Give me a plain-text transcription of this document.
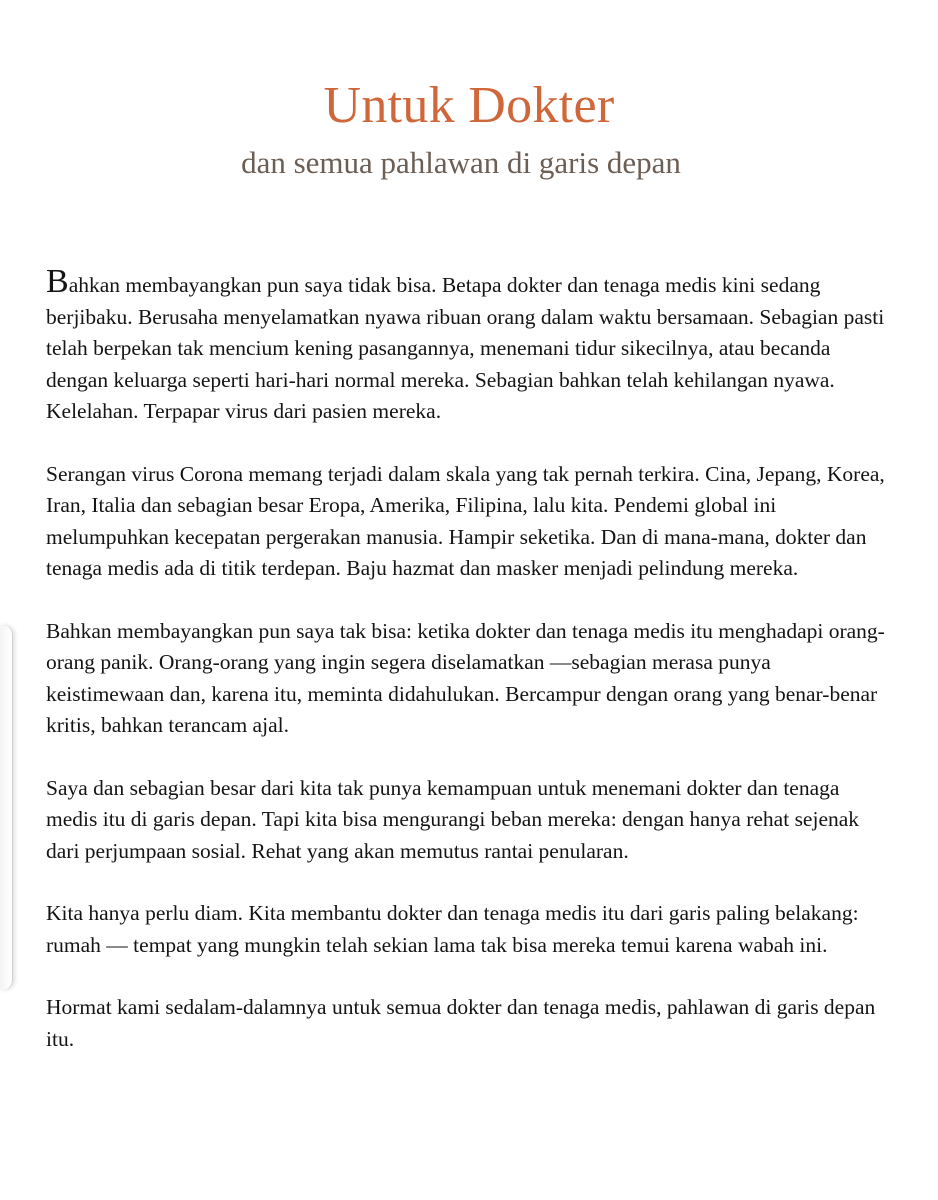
Untuk Dokter
dan semua pahlawan di garis depan

Bahkan membayangkan pun saya tidak bisa. Betapa dokter dan tenaga medis kini sedang berjibaku. Berusaha menyelamatkan nyawa ribuan orang dalam waktu bersamaan. Sebagian pasti telah berpekan tak mencium kening pasangannya, menemani tidur sikecilnya, atau becanda dengan keluarga seperti hari-hari normal mereka. Sebagian bahkan telah kehilangan nyawa. Kelelahan. Terpapar virus dari pasien mereka.

Serangan virus Corona memang terjadi dalam skala yang tak pernah terkira. Cina, Jepang, Korea, Iran, Italia dan sebagian besar Eropa, Amerika, Filipina, lalu kita. Pendemi global ini melumpuhkan kecepatan pergerakan manusia. Hampir seketika. Dan di mana-mana, dokter dan tenaga medis ada di titik terdepan. Baju hazmat dan masker menjadi pelindung mereka.

Bahkan membayangkan pun saya tak bisa: ketika dokter dan tenaga medis itu menghadapi orang-orang panik. Orang-orang yang ingin segera diselamatkan —sebagian merasa punya keistimewaan dan, karena itu, meminta didahulukan. Bercampur dengan orang yang benar-benar kritis, bahkan terancam ajal.

Saya dan sebagian besar dari kita tak punya kemampuan untuk menemani dokter dan tenaga medis itu di garis depan. Tapi kita bisa mengurangi beban mereka: dengan hanya rehat sejenak dari perjumpaan sosial. Rehat yang akan memutus rantai penularan.

Kita hanya perlu diam. Kita membantu dokter dan tenaga medis itu dari garis paling belakang: rumah — tempat yang mungkin telah sekian lama tak bisa mereka temui karena wabah ini.

Hormat kami sedalam-dalamnya untuk semua dokter dan tenaga medis, pahlawan di garis depan itu.
